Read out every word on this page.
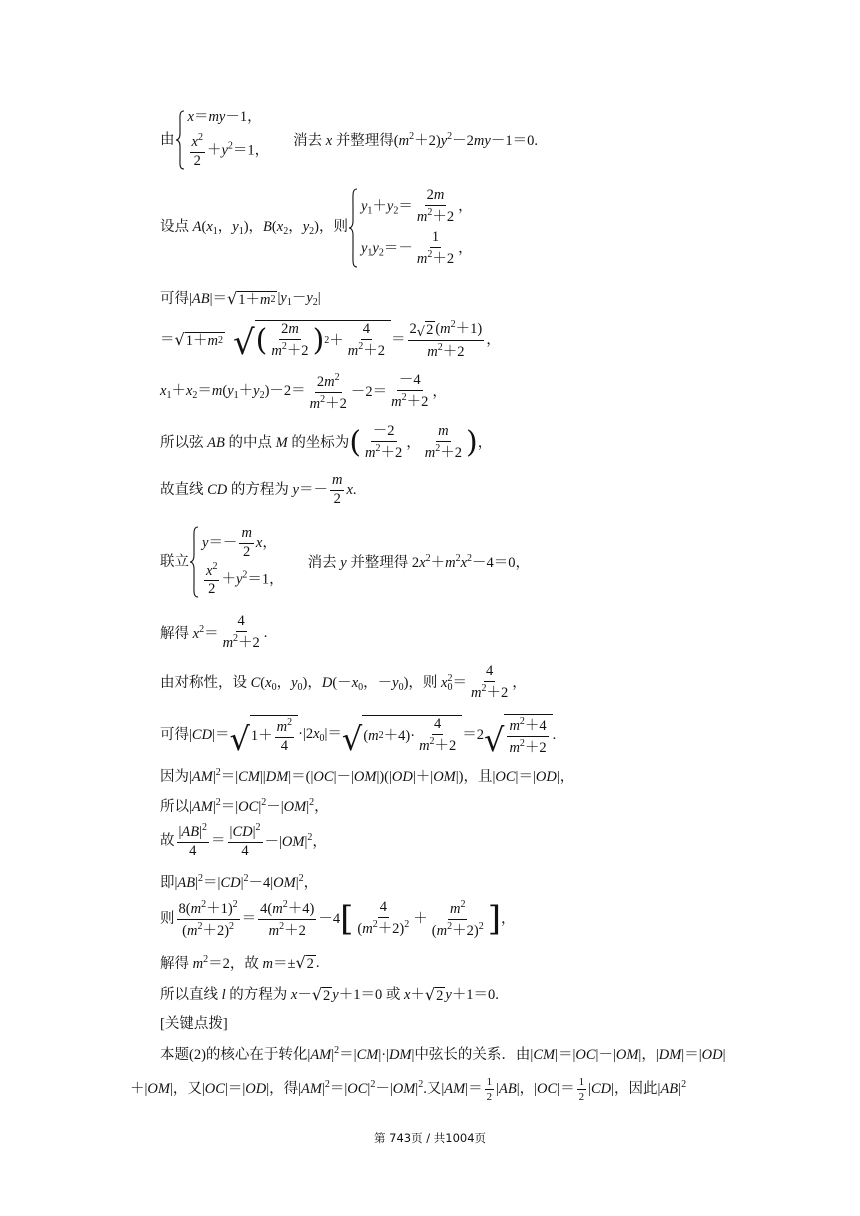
由
x＝my－1，
$\frac{x^2}{2} +y^2=1$，
消去 x 并整理得$(m^2+2)y^2-2my-1=0$.
设点 $A(x_1$，$y_1$)，$B(x_2$，$y_2$)，则
$y_1+y_2= \frac{2m}{m^2+2}$ ，
$y_1y_2=- \frac{1}{m^2+2}$ ，
可得|AB|＝ √ 1＋ m 2 $|y_1-y_2|$
＝ √ 1＋ m 2 √ ( $\frac{2m}{m^2+2}$ ) $2 + \frac{4}{m^2+2} = \frac{2 √ 2 (m^2+1)}{m^2+2}$ ，
$x_1+x_2=m(y_1+y_2)-2= \frac{2m^2}{m^2+2} -2= \frac{-4}{m^2+2}$ ，
所以弦 AB 的中点 M 的坐标为 ( $\frac{-2}{m^2+2}$ ， $\frac{m}{m^2+2}$ ) ，
故直线 CD 的方程为 $y=- \frac{m}{2} x$.
联立
$y=- \frac{m}{2}$ x，
$\frac{x^2}{2} +y^2=1$，
消去 y 并整理得 $2x^2+m^2x^2-4=0$，
解得 $x^2= \frac{4}{m^2+2}$ .
由对称性，设 $C(x_0$，$y_0$)，$D(-x_0$，$-y_0$)，则 $x_0^2= \frac{4}{m^2+2}$ ，
可得|CD|＝ √ $1+ \frac{m^2}{4} \cdot|2x_0|=$ √ ( m $2 +4)\cdot \frac{4}{m^2+2} =2$ √ $\frac{m^2+4}{m^2+2}$ .
因为$|AM|^2=|CM||DM|=(|OC|-|OM|)(|OD|+|OM|)$，且|OC|＝|OD|，
所以$|AM|^2=|OC|^2-|OM|^2$，
故 $\frac{|AB|^2}{4} = \frac{|CD|^2}{4} -|OM|^2$，
即$|AB|^2=|CD|^2-4|OM|^2$，
则 $\frac{8(m^2+1)^2}{(m^2+2)^2} = \frac{4(m^2+4)}{m^2+2} -4$ [ $\frac{4}{(m^2+2)^2} + \frac{m^2}{(m^2+2)^2}$ ] ，
解得 $m^2=2$，故 m＝± √ 2 .
所以直线 l 的方程为 x－ √ 2 y＋1＝0 或 x＋ √ 2 y＋1＝0.
[关键点拨]
本题(2)的核心在于转化$|AM|^2=|CM|\cdot|DM|$中弦长的关系．由|CM|＝|OC|－|OM|，|DM|＝|OD|＋|OM|，又|OC|＝|OD|，得$|AM|^2=|OC|^2-|OM|^2$.又$|AM|= \frac{1}{2} |AB|$，$|OC|= \frac{1}{2} |CD|$，因此$|AB|^2$
第 743页 / 共1004页
